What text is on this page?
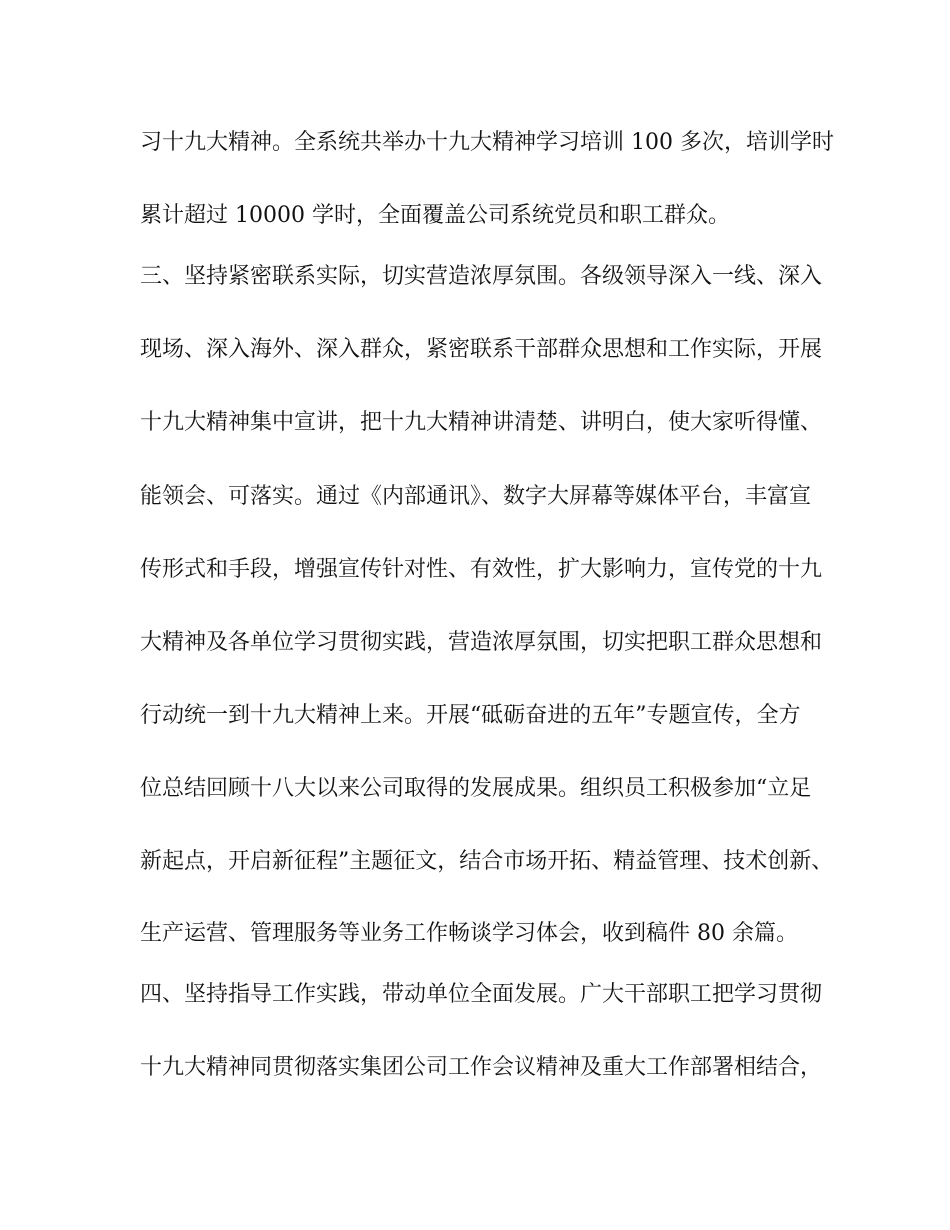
习十九大精神。全系统共举办十九大精神学习培训 100 多次，培训学时
累计超过 10000 学时，全面覆盖公司系统党员和职工群众。
三、坚持紧密联系实际，切实营造浓厚氛围。各级领导深入一线、深入
现场、深入海外、深入群众，紧密联系干部群众思想和工作实际，开展
十九大精神集中宣讲，把十九大精神讲清楚、讲明白，使大家听得懂、
能领会、可落实。通过《内部通讯》、数字大屏幕等媒体平台，丰富宣
传形式和手段，增强宣传针对性、有效性，扩大影响力，宣传党的十九
大精神及各单位学习贯彻实践，营造浓厚氛围，切实把职工群众思想和
行动统一到十九大精神上来。开展“砥砺奋进的五年”专题宣传，全方
位总结回顾十八大以来公司取得的发展成果。组织员工积极参加“立足
新起点，开启新征程”主题征文，结合市场开拓、精益管理、技术创新、
生产运营、管理服务等业务工作畅谈学习体会，收到稿件 80 余篇。
四、坚持指导工作实践，带动单位全面发展。广大干部职工把学习贯彻
十九大精神同贯彻落实集团公司工作会议精神及重大工作部署相结合，
